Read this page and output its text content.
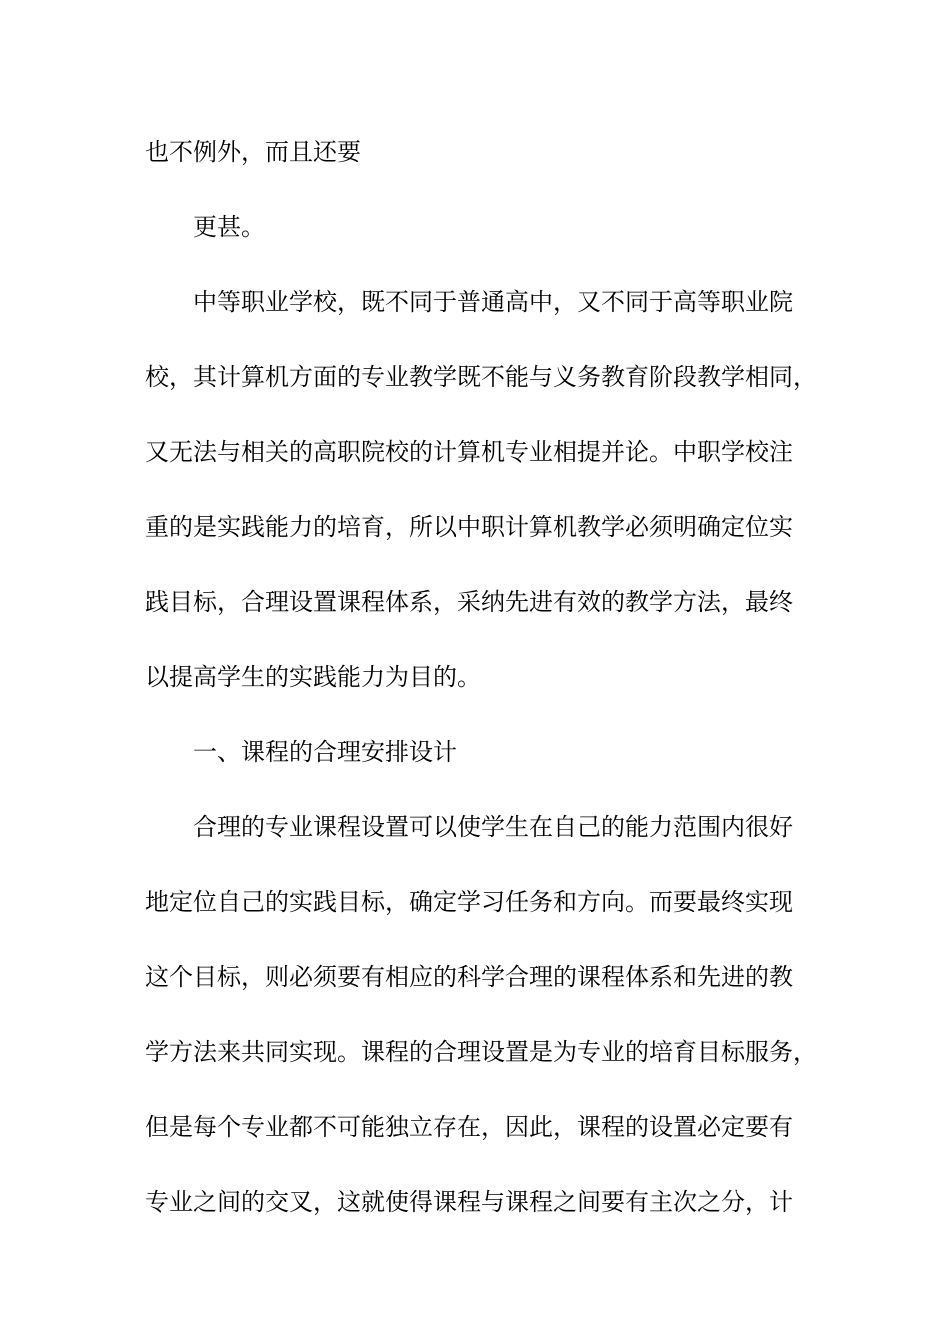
也不例外，而且还要

更甚。

中等职业学校，既不同于普通高中，又不同于高等职业院

校，其计算机方面的专业教学既不能与义务教育阶段教学相同，

又无法与相关的高职院校的计算机专业相提并论。中职学校注

重的是实践能力的培育，所以中职计算机教学必须明确定位实

践目标，合理设置课程体系，采纳先进有效的教学方法，最终

以提高学生的实践能力为目的。

一、课程的合理安排设计

合理的专业课程设置可以使学生在自己的能力范围内很好

地定位自己的实践目标，确定学习任务和方向。而要最终实现

这个目标，则必须要有相应的科学合理的课程体系和先进的教

学方法来共同实现。课程的合理设置是为专业的培育目标服务，

但是每个专业都不可能独立存在，因此，课程的设置必定要有

专业之间的交叉，这就使得课程与课程之间要有主次之分，计
